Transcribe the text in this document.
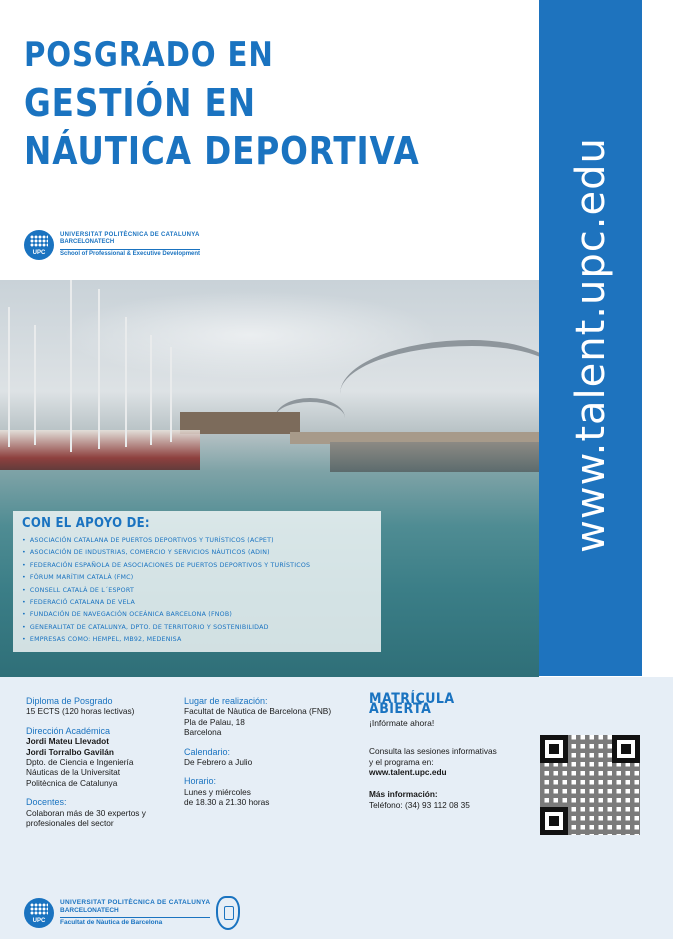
POSGRADO EN
GESTIÓN EN
NÁUTICA DEPORTIVA
UPC
UNIVERSITAT POLITÈCNICA DE CATALUNYA
BARCELONATECH
School of Professional & Executive Development	www.talent.upc.edu
CON EL APOYO DE:
• ASOCIACIÓN CATALANA DE PUERTOS DEPORTIVOS Y TURÍSTICOS (ACPET)
• ASOCIACIÓN DE INDUSTRIAS, COMERCIO Y SERVICIOS NÁUTICOS (ADIN)
• FEDERACIÓN ESPAÑOLA DE ASOCIACIONES DE PUERTOS DEPORTIVOS Y TURÍSTICOS
• FÒRUM MARÍTIM CATALÀ (FMC)
• CONSELL CATALÀ DE L´ESPORT
• FEDERACIÓ CATALANA DE VELA
• FUNDACIÓN DE NAVEGACIÓN OCEÁNICA BARCELONA (FNOB)
• GENERALITAT DE CATALUNYA, DPTO. DE TERRITORIO Y SOSTENIBILIDAD
• EMPRESAS COMO: HEMPEL, MB92, MEDENISA
Diploma de Posgrado
15 ECTS (120 horas lectivas)
Dirección Académica
Jordi Mateu Llevadot
Jordi Torralbo Gavilán
Dpto. de Ciencia e Ingeniería
Náuticas de la Universitat
Politècnica de Catalunya
Docentes:
Colaboran más de 30 expertos y
profesionales del sector
Lugar de realización:
Facultat de Nàutica de Barcelona (FNB)
Pla de Palau, 18
Barcelona
Calendario:
De Febrero a Julio
Horario:
Lunes y miércoles
de 18.30 a 21.30 horas
MATRÍCULA ABIERTA
¡Infórmate ahora!
Consulta las sesiones informativas
y el programa en:
www.talent.upc.edu
Más información:
Teléfono: (34) 93 112 08 35
UPC
UNIVERSITAT POLITÈCNICA DE CATALUNYA
BARCELONATECH
Facultat de Nàutica de Barcelona
